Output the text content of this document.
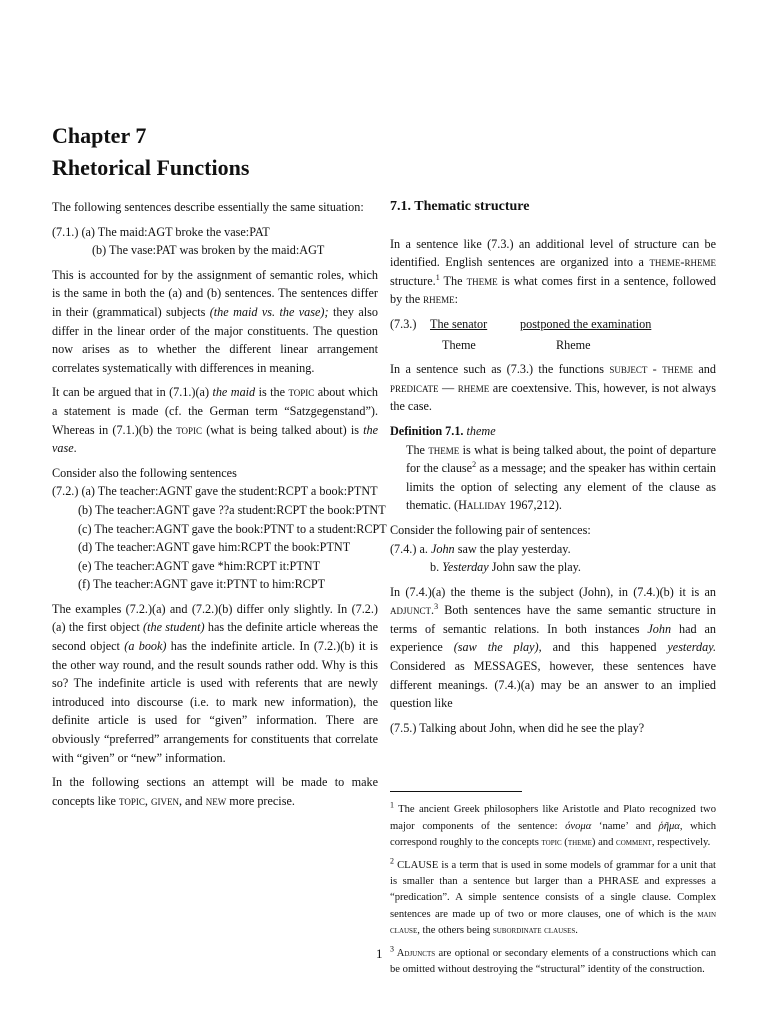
Chapter 7
Rhetorical Functions

The following sentences describe essentially the same situation:

(7.1.) (a) The maid:AGT broke the vase:PAT
(b) The vase:PAT was broken by the maid:AGT

This is accounted for by the assignment of semantic roles, which is the same in both the (a) and (b) sentences. The sentences differ in their (grammatical) subjects (the maid vs. the vase); they also differ in the linear order of the major constituents. The question now arises as to whether the different linear arrangement correlates systematically with differences in meaning.

It can be argued that in (7.1.)(a) the maid is the topic about which a statement is made (cf. the German term “Satzgegenstand”). Whereas in (7.1.)(b) the topic (what is being talked about) is the vase.

Consider also the following sentences
(7.2.) (a) The teacher:AGNT gave the student:RCPT a book:PTNT
(b) The teacher:AGNT gave ??a student:RCPT the book:PTNT
(c) The teacher:AGNT gave the book:PTNT to a student:RCPT
(d) The teacher:AGNT gave him:RCPT the book:PTNT
(e) The teacher:AGNT gave *him:RCPT it:PTNT
(f) The teacher:AGNT gave it:PTNT to him:RCPT

The examples (7.2.)(a) and (7.2.)(b) differ only slightly. In (7.2.)(a) the first object (the student) has the definite article whereas the second object (a book) has the indefinite article. In (7.2.)(b) it is the other way round, and the result sounds rather odd. Why is this so? The indefinite article is used with referents that are newly introduced into discourse (i.e. to mark new information), the definite article is used for “given” information. There are obviously “preferred” arrangements for constituents that correlate with “given” or “new” information.

In the following sections an attempt will be made to make concepts like topic, given, and new more precise.

7.1. Thematic structure

In a sentence like (7.3.) an additional level of structure can be identified. English sentences are organized into a theme-rheme structure.$^1$ The theme is what comes first in a sentence, followed by the rheme:

(7.3.)	The senator	postponed the examination
Theme	Rheme

In a sentence such as (7.3.) the functions subject - theme and predicate — rheme are coextensive. This, however, is not always the case.

Definition 7.1. theme

The theme is what is being talked about, the point of departure for the clause$^2$ as a message; and the speaker has within certain limits the option of selecting any element of the clause as thematic. (Halliday 1967,212).

Consider the following pair of sentences:
(7.4.) a. John saw the play yesterday.
b. Yesterday John saw the play.

In (7.4.)(a) the theme is the subject (John), in (7.4.)(b) it is an adjunct.$^3$ Both sentences have the same semantic structure in terms of semantic relations. In both instances John had an experience (saw the play), and this happened yesterday. Considered as MESSAGES, however, these sentences have different meanings. (7.4.)(a) may be an answer to an implied question like

(7.5.) Talking about John, when did he see the play?

$^1$ The ancient Greek philosophers like Aristotle and Plato recognized two major components of the sentence: όνομα ‘name’ and ῥῆμα, which correspond roughly to the concepts topic (theme) and comment, respectively.

$^2$ CLAUSE is a term that is used in some models of grammar for a unit that is smaller than a sentence but larger than a PHRASE and expresses a “predication”. A simple sentence consists of a single clause. Complex sentences are made up of two or more clauses, one of which is the main clause, the others being subordinate clauses.

$^3$ Adjuncts are optional or secondary elements of a constructions which can be omitted without destroying the “structural” identity of the construction.

1
